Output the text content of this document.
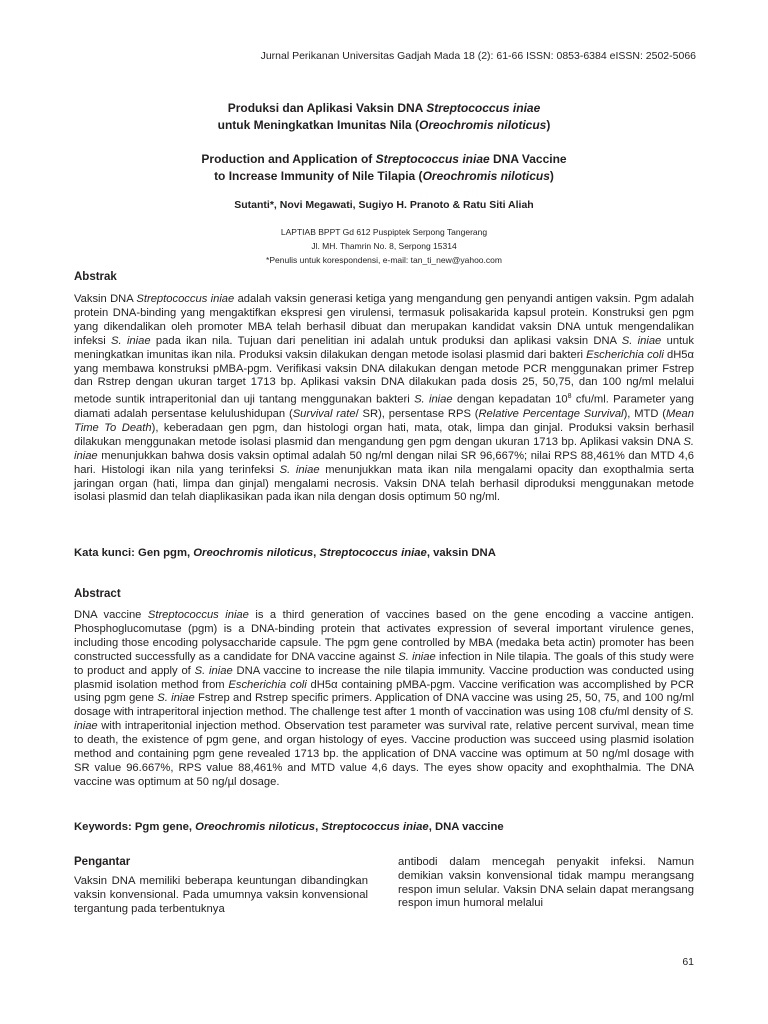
Jurnal Perikanan Universitas Gadjah Mada 18 (2): 61-66 ISSN: 0853-6384 eISSN: 2502-5066
Produksi dan Aplikasi Vaksin DNA Streptococcus iniae
untuk Meningkatkan Imunitas Nila (Oreochromis niloticus)
Production and Application of Streptococcus iniae DNA Vaccine
to Increase Immunity of Nile Tilapia (Oreochromis niloticus)
Sutanti*, Novi Megawati, Sugiyo H. Pranoto & Ratu Siti Aliah
LAPTIAB BPPT Gd 612 Puspiptek Serpong Tangerang
Jl. MH. Thamrin No. 8, Serpong 15314
*Penulis untuk korespondensi, e-mail: tan_ti_new@yahoo.com
Abstrak
Vaksin DNA Streptococcus iniae adalah vaksin generasi ketiga yang mengandung gen penyandi antigen vaksin. Pgm adalah protein DNA-binding yang mengaktifkan ekspresi gen virulensi, termasuk polisakarida kapsul protein. Konstruksi gen pgm yang dikendalikan oleh promoter MBA telah berhasil dibuat dan merupakan kandidat vaksin DNA untuk mengendalikan infeksi S. iniae pada ikan nila. Tujuan dari penelitian ini adalah untuk produksi dan aplikasi vaksin DNA S. iniae untuk meningkatkan imunitas ikan nila. Produksi vaksin dilakukan dengan metode isolasi plasmid dari bakteri Escherichia coli dH5α yang membawa konstruksi pMBA-pgm. Verifikasi vaksin DNA dilakukan dengan metode PCR menggunakan primer Fstrep dan Rstrep dengan ukuran target 1713 bp. Aplikasi vaksin DNA dilakukan pada dosis 25, 50,75, dan 100 ng/ml melalui metode suntik intraperitonial dan uji tantang menggunakan bakteri S. iniae dengan kepadatan $10^8$ cfu/ml. Parameter yang diamati adalah persentase kelulushidupan (Survival rate/ SR), persentase RPS (Relative Percentage Survival), MTD (Mean Time To Death), keberadaan gen pgm, dan histologi organ hati, mata, otak, limpa dan ginjal. Produksi vaksin berhasil dilakukan menggunakan metode isolasi plasmid dan mengandung gen pgm dengan ukuran 1713 bp. Aplikasi vaksin DNA S. iniae menunjukkan bahwa dosis vaksin optimal adalah 50 ng/ml dengan nilai SR 96,667%; nilai RPS 88,461% dan MTD 4,6 hari. Histologi ikan nila yang terinfeksi S. iniae menunjukkan mata ikan nila mengalami opacity dan exopthalmia serta jaringan organ (hati, limpa dan ginjal) mengalami necrosis. Vaksin DNA telah berhasil diproduksi menggunakan metode isolasi plasmid dan telah diaplikasikan pada ikan nila dengan dosis optimum 50 ng/ml.
Kata kunci: Gen pgm, Oreochromis niloticus, Streptococcus iniae, vaksin DNA
Abstract
DNA vaccine Streptococcus iniae is a third generation of vaccines based on the gene encoding a vaccine antigen. Phosphoglucomutase (pgm) is a DNA-binding protein that activates expression of several important virulence genes, including those encoding polysaccharide capsule. The pgm gene controlled by MBA (medaka beta actin) promoter has been constructed successfully as a candidate for DNA vaccine against S. iniae infection in Nile tilapia. The goals of this study were to product and apply of S. iniae DNA vaccine to increase the nile tilapia immunity. Vaccine production was conducted using plasmid isolation method from Escherichia coli dH5α containing pMBA-pgm. Vaccine verification was accomplished by PCR using pgm gene S. iniae Fstrep and Rstrep specific primers. Application of DNA vaccine was using 25, 50, 75, and 100 ng/ml dosage with intraperitoral injection method. The challenge test after 1 month of vaccination was using 108 cfu/ml density of S. iniae with intraperitonial injection method. Observation test parameter was survival rate, relative percent survival, mean time to death, the existence of pgm gene, and organ histology of eyes. Vaccine production was succeed using plasmid isolation method and containing pgm gene revealed 1713 bp. the application of DNA vaccine was optimum at 50 ng/ml dosage with SR value 96.667%, RPS value 88,461% and MTD value 4,6 days. The eyes show opacity and exophthalmia. The DNA vaccine was optimum at 50 ng/µl dosage.
Keywords: Pgm gene, Oreochromis niloticus, Streptococcus iniae, DNA vaccine
Pengantar
Vaksin DNA memiliki beberapa keuntungan dibandingkan vaksin konvensional. Pada umumnya vaksin konvensional tergantung pada terbentuknya
antibodi dalam mencegah penyakit infeksi. Namun demikian vaksin konvensional tidak mampu merangsang respon imun selular. Vaksin DNA selain dapat merangsang respon imun humoral melalui
61
